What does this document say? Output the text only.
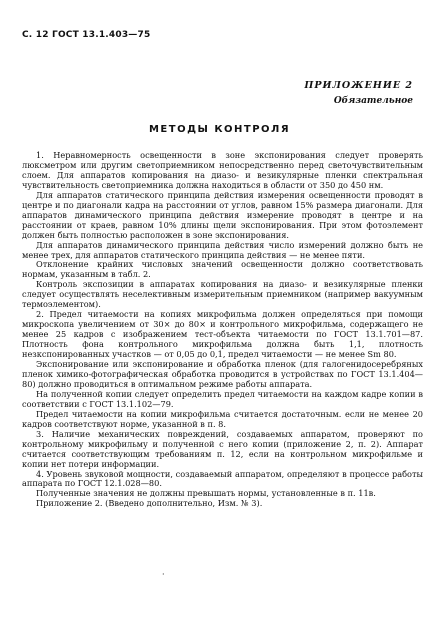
С. 12 ГОСТ 13.1.403—75
ПРИЛОЖЕНИЕ 2
Обязательное
МЕТОДЫ КОНТРОЛЯ

1. Неравномерность освещенности в зоне экспонирования следует проверять люксметром или другим светоприемником непосредственно перед светочувствительным слоем. Для аппаратов копирования на диазо- и везикулярные пленки спектральная чувствительность светоприемника должна находиться в области от 350 до 450 нм.

Для аппаратов статического принципа действия измерения освещенности проводят в центре и по диагонали кадра на расстоянии от углов, равном 15% размера диагонали. Для аппаратов динамического принципа действия измерение проводят в центре и на расстоянии от краев, равном 10% длины щели экспонирования. При этом фотоэлемент должен быть полностью расположен в зоне экспонирования.

Для аппаратов динамического принципа действия число измерений должно быть не менее трех, для аппаратов статического принципа действия — не менее пяти.

Отклонение крайних числовых значений освещенности должно соответствовать нормам, указанным в табл. 2.

Контроль экспозиции в аппаратах копирования на диазо- и везикулярные пленки следует осуществлять неселективным измерительным приемником (например вакуумным термоэлементом).

2. Предел читаемости на копиях микрофильма должен определяться при помощи микроскопа увеличением от 30× до 80× и контрольного микрофильма, содержащего не менее 25 кадров с изображением тест-объекта читаемости по ГОСТ 13.1.701—87. Плотность фона контрольного микрофильма должна быть 1,1, плотность незкспонированных участков — от 0,05 до 0,1, предел читаемости — не менее Sm 80.

Экспонирование или экспонирование и обработка пленок (для галогенидосеребряных пленок химико-фотографическая обработка проводится в устройствах по ГОСТ 13.1.404—80) должно проводиться в оптимальном режиме работы аппарата.

На полученной копии следует определить предел читаемости на каждом кадре копии в соответствии с ГОСТ 13.1.102—79.

Предел читаемости на копии микрофильма считается достаточным. если не менее 20 кадров соответствуют норме, указанной в п. 8.

3. Наличие механических повреждений, создаваемых аппаратом, проверяют по контрольному микрофильму и полученной с него копии (приложение 2, п. 2). Аппарат считается соответствующим требованиям п. 12, если на контрольном микрофильме и копии нет потери информации.

4. Уровень звуковой мощности, создаваемый аппаратом, определяют в процессе работы аппарата по ГОСТ 12.1.028—80.

Полученные значения не должны превышать нормы, установленные в п. 11в.

Приложение 2. (Введено дополнительно, Изм. № 3).

·
